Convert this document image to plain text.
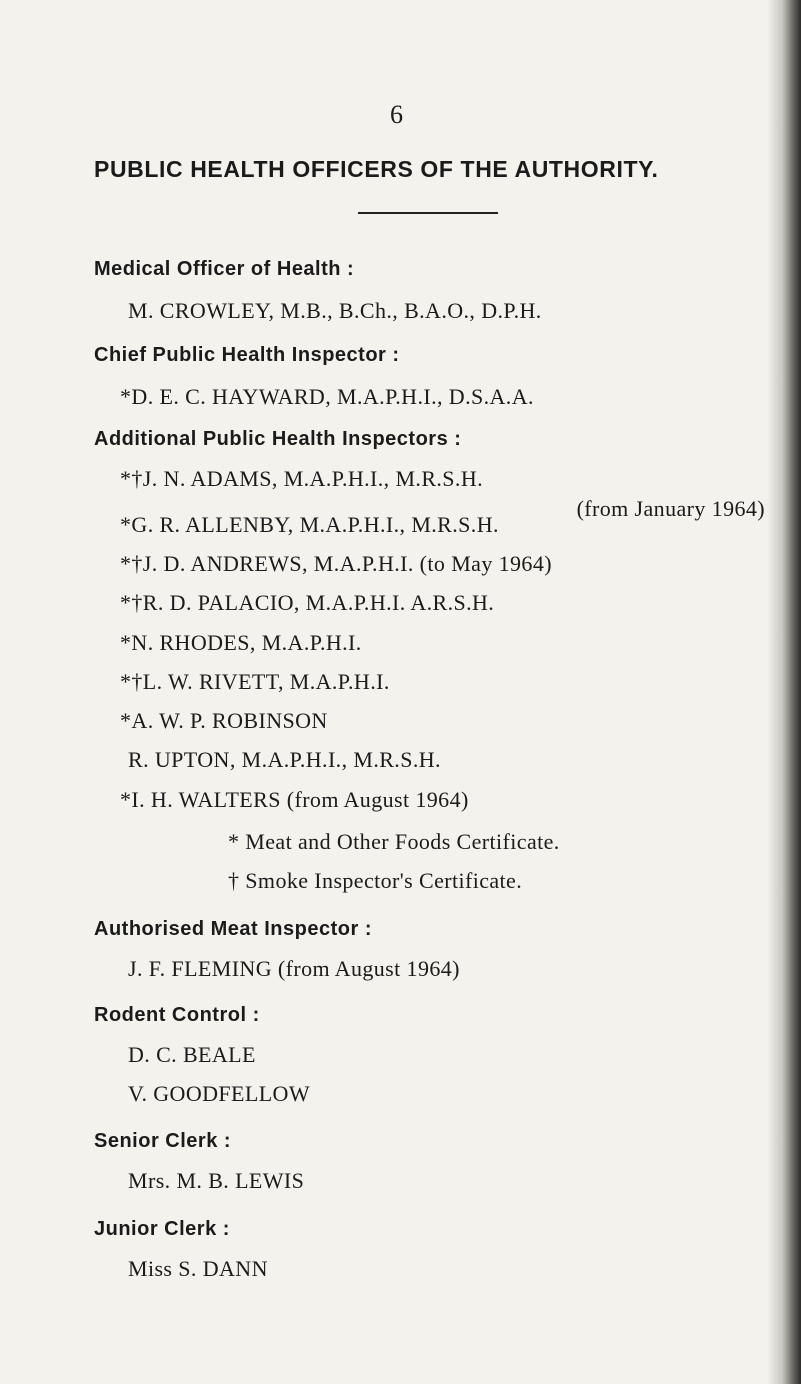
6
PUBLIC HEALTH OFFICERS OF THE AUTHORITY.
Medical Officer of Health :
M. CROWLEY, M.B., B.Ch., B.A.O., D.P.H.
Chief Public Health Inspector :
*D. E. C. HAYWARD, M.A.P.H.I., D.S.A.A.
Additional Public Health Inspectors :
*†J. N. ADAMS, M.A.P.H.I., M.R.S.H.
(from January 1964)
*G. R. ALLENBY, M.A.P.H.I., M.R.S.H.
*†J. D. ANDREWS, M.A.P.H.I. (to May 1964)
*†R. D. PALACIO, M.A.P.H.I. A.R.S.H.
*N. RHODES, M.A.P.H.I.
*†L. W. RIVETT, M.A.P.H.I.
*A. W. P. ROBINSON
R. UPTON, M.A.P.H.I., M.R.S.H.
*I. H. WALTERS (from August 1964)
* Meat and Other Foods Certificate.
† Smoke Inspector's Certificate.
Authorised Meat Inspector :
J. F. FLEMING (from August 1964)
Rodent Control :
D. C. BEALE
V. GOODFELLOW
Senior Clerk :
Mrs. M. B. LEWIS
Junior Clerk :
Miss S. DANN
